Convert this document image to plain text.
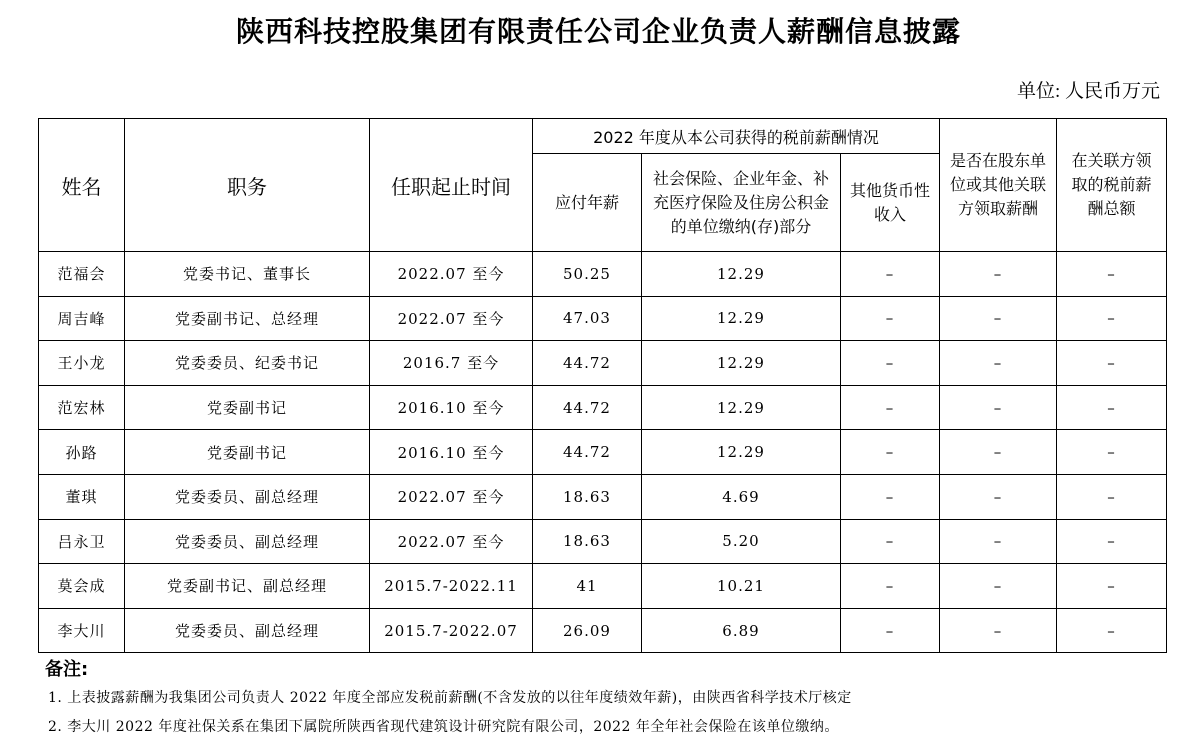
陕西科技控股集团有限责任公司企业负责人薪酬信息披露
单位: 人民币万元
姓名	职务	任职起止时间	2022 年度从本公司获得的税前薪酬情况			是否在股东单位或其他关联方领取薪酬	在关联方领取的税前薪酬总额
			应付年薪	社会保险、企业年金、补充医疗保险及住房公积金的单位缴纳(存)部分	其他货币性收入		
范福会	党委书记、董事长	2022.07 至今	50.25	12.29	–	–	–
周吉峰	党委副书记、总经理	2022.07 至今	47.03	12.29	–	–	–
王小龙	党委委员、纪委书记	2016.7 至今	44.72	12.29	–	–	–
范宏林	党委副书记	2016.10 至今	44.72	12.29	–	–	–
孙路	党委副书记	2016.10 至今	44.72	12.29	–	–	–
董琪	党委委员、副总经理	2022.07 至今	18.63	4.69	–	–	–
吕永卫	党委委员、副总经理	2022.07 至今	18.63	5.20	–	–	–
莫会成	党委副书记、副总经理	2015.7-2022.11	41	10.21	–	–	–
李大川	党委委员、副总经理	2015.7-2022.07	26.09	6.89	–	–	–
备注:
1. 上表披露薪酬为我集团公司负责人 2022 年度全部应发税前薪酬(不含发放的以往年度绩效年薪)，由陕西省科学技术厅核定
2. 李大川 2022 年度社保关系在集团下属院所陕西省现代建筑设计研究院有限公司，2022 年全年社会保险在该单位缴纳。
